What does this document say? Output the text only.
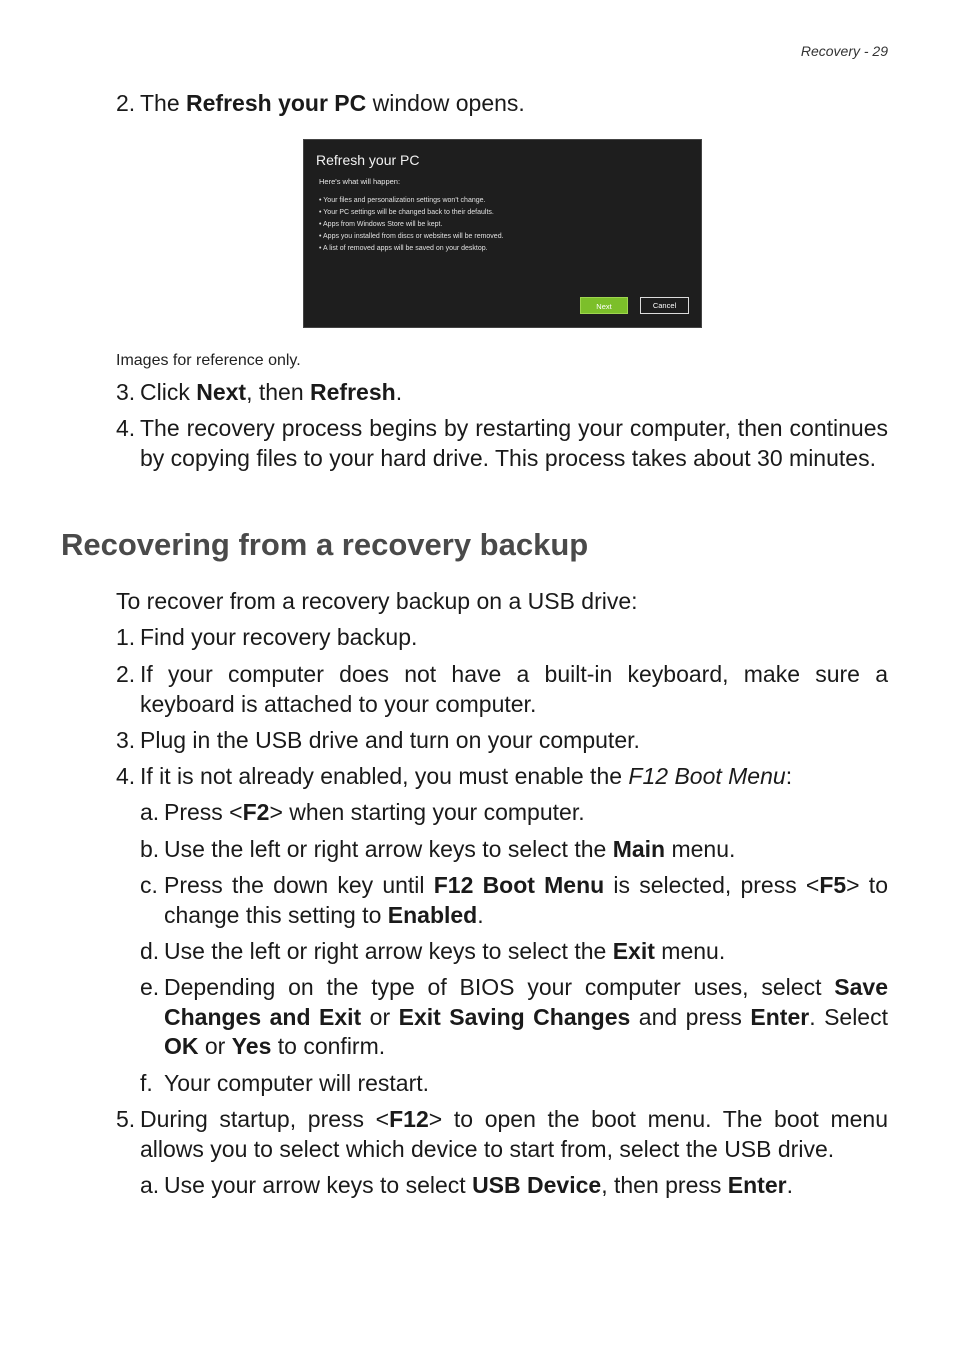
Recovery - 29
2. The Refresh your PC window opens.
Refresh your PC
Here's what will happen:
• Your files and personalization settings won't change.
• Your PC settings will be changed back to their defaults.
• Apps from Windows Store will be kept.
• Apps you installed from discs or websites will be removed.
• A list of removed apps will be saved on your desktop.
Next	Cancel
Images for reference only.
3. Click Next, then Refresh.
4. The recovery process begins by restarting your computer, then continues by copying files to your hard drive. This process takes about 30 minutes.
Recovering from a recovery backup
To recover from a recovery backup on a USB drive:
1. Find your recovery backup.
2. If your computer does not have a built-in keyboard, make sure a keyboard is attached to your computer.
3. Plug in the USB drive and turn on your computer.
4. If it is not already enabled, you must enable the F12 Boot Menu:
a. Press <F2> when starting your computer.
b. Use the left or right arrow keys to select the Main menu.
c. Press the down key until F12 Boot Menu is selected, press <F5> to change this setting to Enabled.
d. Use the left or right arrow keys to select the Exit menu.
e. Depending on the type of BIOS your computer uses, select Save Changes and Exit or Exit Saving Changes and press Enter. Select OK or Yes to confirm.
f. Your computer will restart.
5. During startup, press <F12> to open the boot menu. The boot menu allows you to select which device to start from, select the USB drive.
a. Use your arrow keys to select USB Device, then press Enter.
